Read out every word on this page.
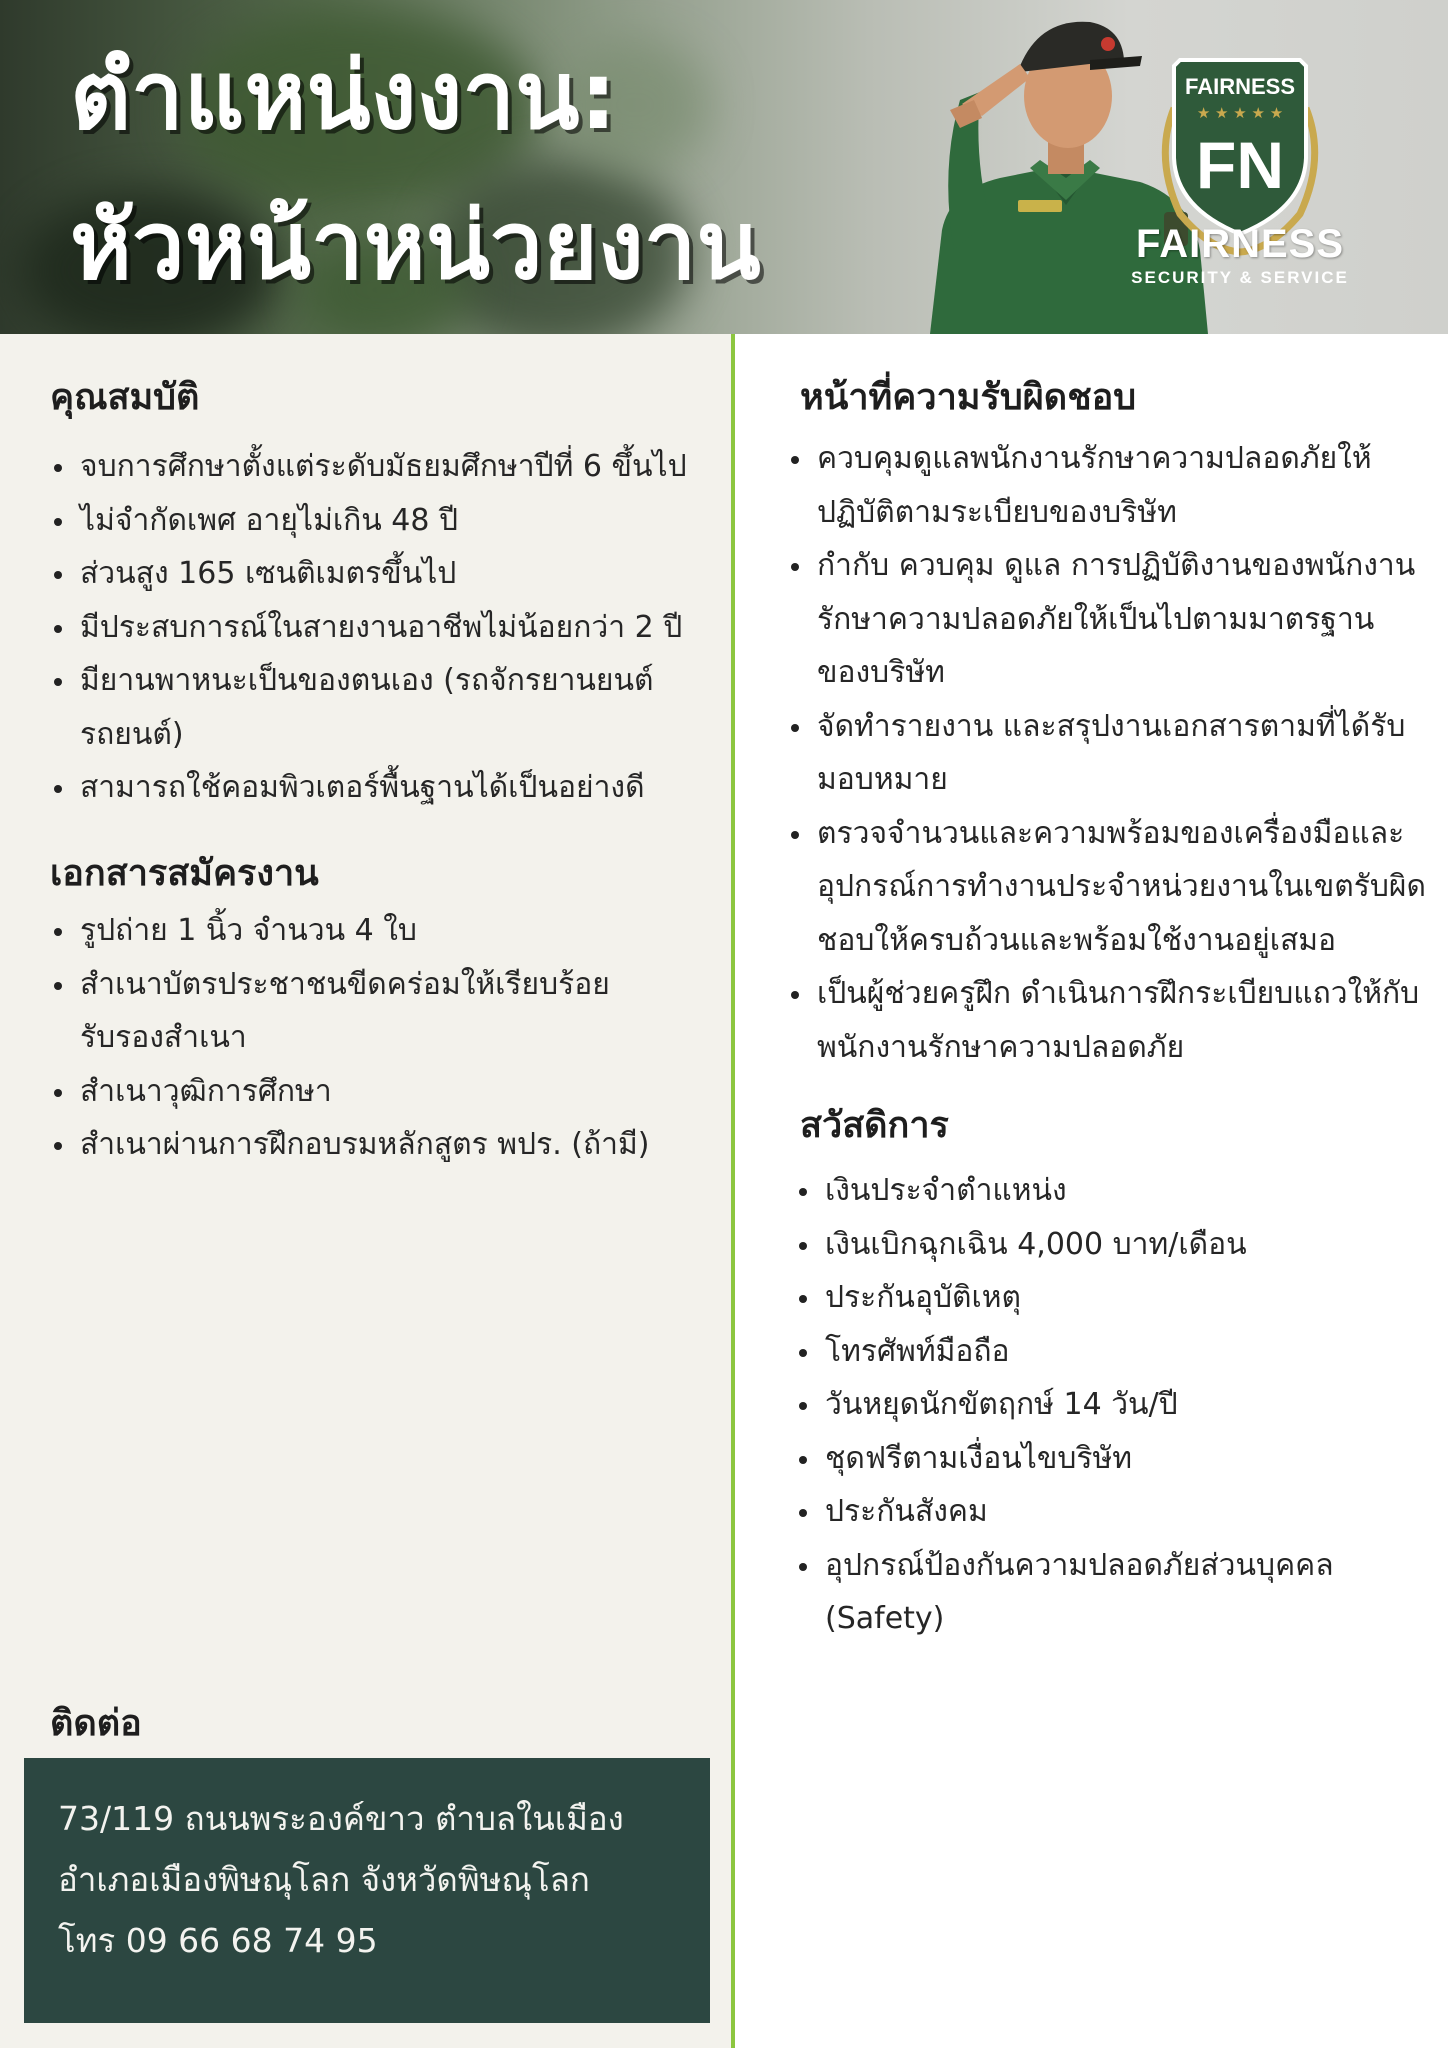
ตำแหน่งงาน:
หัวหน้าหน่วยงาน
FAIRNESS
★ ★ ★ ★ ★
FN

FAIRNESS

SECURITY & SERVICE

คุณสมบัติ
จบการศึกษาตั้งแต่ระดับมัธยมศึกษาปีที่ 6 ขึ้นไป
ไม่จำกัดเพศ อายุไม่เกิน 48 ปี
ส่วนสูง 165 เซนติเมตรขึ้นไป
มีประสบการณ์ในสายงานอาชีพไม่น้อยกว่า 2 ปี
มียานพาหนะเป็นของตนเอง (รถจักรยานยนต์ รถยนต์)
สามารถใช้คอมพิวเตอร์พื้นฐานได้เป็นอย่างดี
เอกสารสมัครงาน
รูปถ่าย 1 นิ้ว จำนวน 4 ใบ
สำเนาบัตรประชาชนขีดคร่อมให้เรียบร้อย รับรองสำเนา
สำเนาวุฒิการศึกษา
สำเนาผ่านการฝึกอบรมหลักสูตร พปร. (ถ้ามี)
ติดต่อ

73/119 ถนนพระองค์ขาว ตำบลในเมือง

อำเภอเมืองพิษณุโลก จังหวัดพิษณุโลก

โทร 09 66 68 74 95

หน้าที่ความรับผิดชอบ
ควบคุมดูแลพนักงานรักษาความปลอดภัยให้ปฏิบัติตามระเบียบของบริษัท
กำกับ ควบคุม ดูแล การปฏิบัติงานของพนักงานรักษาความปลอดภัยให้เป็นไปตามมาตรฐานของบริษัท
จัดทำรายงาน และสรุปงานเอกสารตามที่ได้รับมอบหมาย
ตรวจจำนวนและความพร้อมของเครื่องมือและอุปกรณ์การทำงานประจำหน่วยงานในเขตรับผิดชอบให้ครบถ้วนและพร้อมใช้งานอยู่เสมอ
เป็นผู้ช่วยครูฝึก ดำเนินการฝึกระเบียบแถวให้กับพนักงานรักษาความปลอดภัย
สวัสดิการ
เงินประจำตำแหน่ง
เงินเบิกฉุกเฉิน 4,000 บาท/เดือน
ประกันอุบัติเหตุ
โทรศัพท์มือถือ
วันหยุดนักขัตฤกษ์ 14 วัน/ปี
ชุดฟรีตามเงื่อนไขบริษัท
ประกันสังคม
อุปกรณ์ป้องกันความปลอดภัยส่วนบุคคล (Safety)
